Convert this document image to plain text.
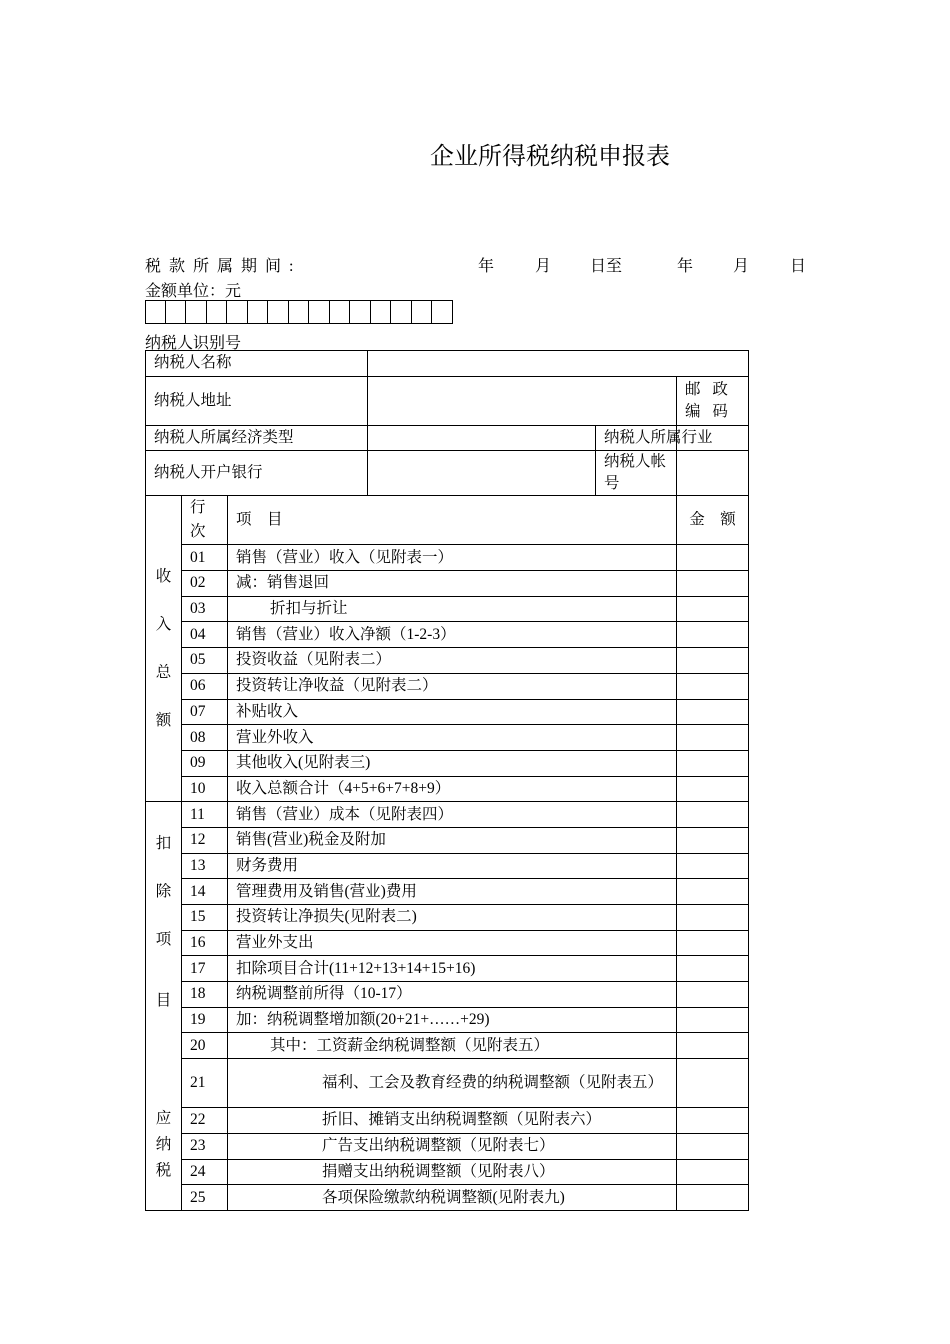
企业所得税纳税申报表
税 款 所 属 期 间 :	年	月 日至	年 月	日
金额单位：元
纳税人识别号
纳税人名称						
纳税人地址					邮 政 编 码	

纳税人所属经济类型				纳税人所属行业		
纳税人开户银行				纳税人帐号		

收
入
总
额	行次	项　目			金　额	
	01	销售（营业）收入（见附表一）				
	02	减：销售退回				
	03	折扣与折让				
	04	销售（营业）收入净额（1-2-3）				
	05	投资收益（见附表二）				
	06	投资转让净收益（见附表二）				
	07	补贴收入				
	08	营业外收入				
	09	其他收入(见附表三)				
	10	收入总额合计（4+5+6+7+8+9）				

扣
除
项	11	销售（营业）成本（见附表四）				
	12	销售(营业)税金及附加				
	13	财务费用				
	14	管理费用及销售(营业)费用				
	15	投资转让净损失(见附表二)				
	16	营业外支出				
	17	扣除项目合计(11+12+13+14+15+16)				

目
应
纳
税	18	纳税调整前所得（10-17）				
	19	加：纳税调整增加额(20+21+……+29)				
	20	其中：工资薪金纳税调整额（见附表五）				
	21	福利、工会及教育经费的纳税调整额（见附表五）				

	22	折旧、摊销支出纳税调整额（见附表六）				
	23	广告支出纳税调整额（见附表七）				
	24	捐赠支出纳税调整额（见附表八）				
	25	各项保险缴款纳税调整额(见附表九)				
